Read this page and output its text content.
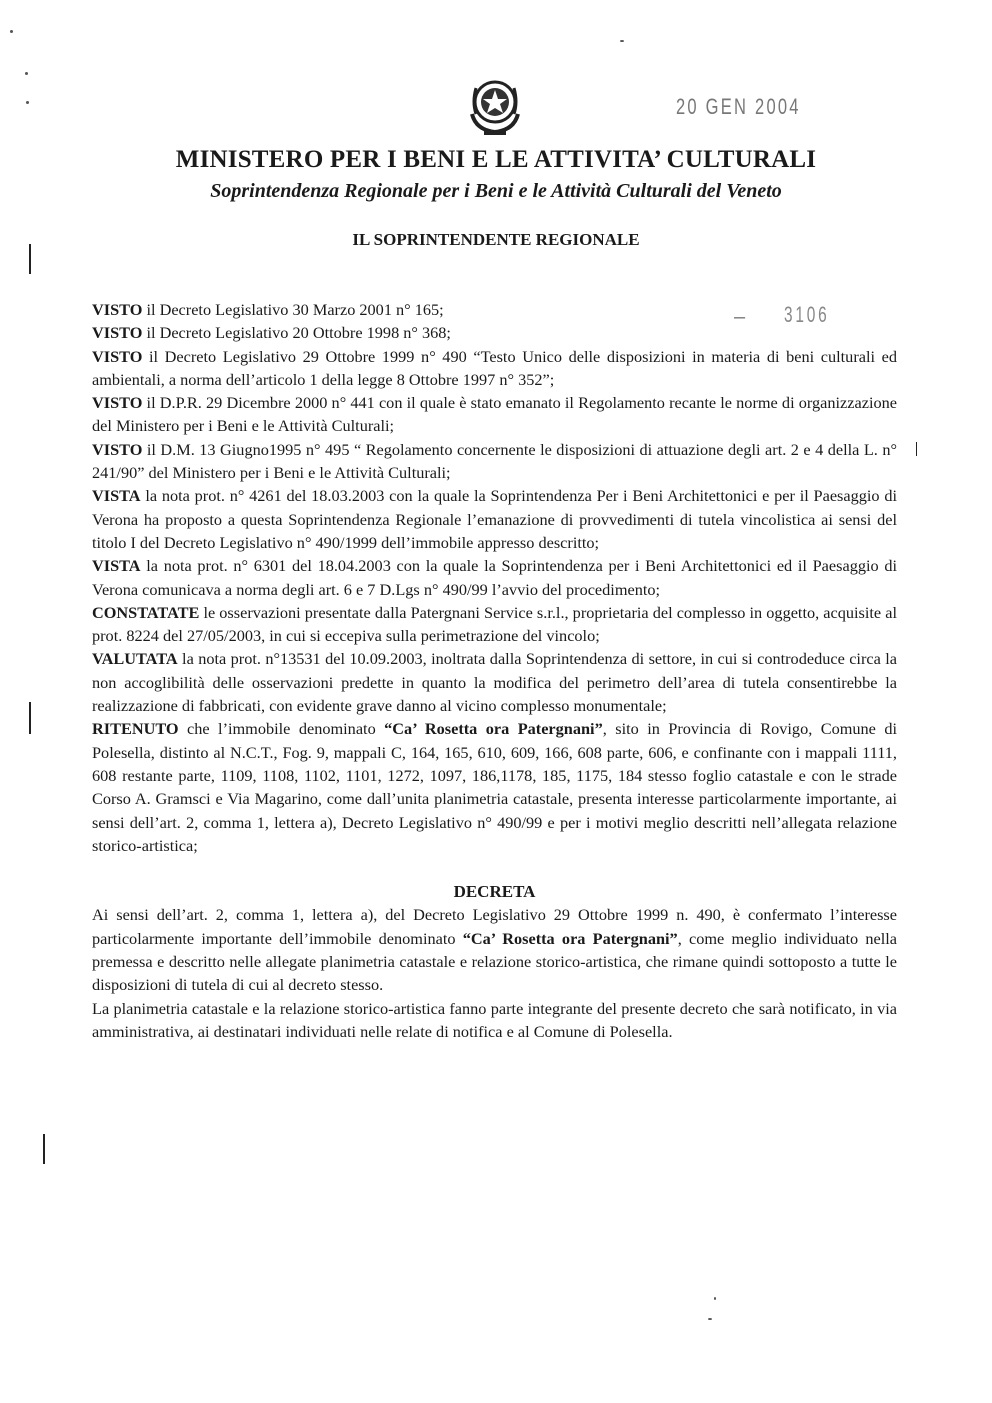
20 GEN 2004
– 3106
MINISTERO PER I BENI E LE ATTIVITA’ CULTURALI
Soprintendenza Regionale per i Beni e le Attività Culturali del Veneto
IL SOPRINTENDENTE REGIONALE

VISTO il Decreto Legislativo 30 Marzo 2001 n° 165;

VISTO il Decreto Legislativo 20 Ottobre 1998 n° 368;

VISTO il Decreto Legislativo 29 Ottobre 1999 n° 490 “Testo Unico delle disposizioni in materia di beni culturali ed ambientali, a norma dell’articolo 1 della legge 8 Ottobre 1997 n° 352”;

VISTO il D.P.R. 29 Dicembre 2000 n° 441 con il quale è stato emanato il Regolamento recante le norme di organizzazione del Ministero per i Beni e le Attività Culturali;

VISTO il D.M. 13 Giugno1995 n° 495 “ Regolamento concernente le disposizioni di attuazione degli art. 2 e 4 della L. n° 241/90” del Ministero per i Beni e le Attività Culturali;

VISTA la nota prot. n° 4261 del 18.03.2003 con la quale la Soprintendenza Per i Beni Architettonici e per il Paesaggio di Verona ha proposto a questa Soprintendenza Regionale l’emanazione di provvedimenti di tutela vincolistica ai sensi del titolo I del Decreto Legislativo n° 490/1999 dell’immobile appresso descritto;

VISTA la nota prot. n° 6301 del 18.04.2003 con la quale la Soprintendenza per i Beni Architettonici ed il Paesaggio di Verona comunicava a norma degli art. 6 e 7 D.Lgs n° 490/99 l’avvio del procedimento;

CONSTATATE le osservazioni presentate dalla Patergnani Service s.r.l., proprietaria del complesso in oggetto, acquisite al prot. 8224 del 27/05/2003, in cui si eccepiva sulla perimetrazione del vincolo;

VALUTATA la nota prot. n°13531 del 10.09.2003, inoltrata dalla Soprintendenza di settore, in cui si controdeduce circa la non accoglibilità delle osservazioni predette in quanto la modifica del perimetro dell’area di tutela consentirebbe la realizzazione di fabbricati, con evidente grave danno al vicino complesso monumentale;

RITENUTO che l’immobile denominato “Ca’ Rosetta ora Patergnani”, sito in Provincia di Rovigo, Comune di Polesella, distinto al N.C.T., Fog. 9, mappali C, 164, 165, 610, 609, 166, 608 parte, 606, e confinante con i mappali 1111, 608 restante parte, 1109, 1108, 1102, 1101, 1272, 1097, 186,1178, 185, 1175, 184 stesso foglio catastale e con le strade Corso A. Gramsci e Via Magarino, come dall’unita planimetria catastale, presenta interesse particolarmente importante, ai sensi dell’art. 2, comma 1, lettera a), Decreto Legislativo n° 490/99 e per i motivi meglio descritti nell’allegata relazione storico-artistica;

DECRETA

Ai sensi dell’art. 2, comma 1, lettera a), del Decreto Legislativo 29 Ottobre 1999 n. 490, è confermato l’interesse particolarmente importante dell’immobile denominato “Ca’ Rosetta ora Patergnani”, come meglio individuato nella premessa e descritto nelle allegate planimetria catastale e relazione storico-artistica, che rimane quindi sottoposto a tutte le disposizioni di tutela di cui al decreto stesso.

La planimetria catastale e la relazione storico-artistica fanno parte integrante del presente decreto che sarà notificato, in via amministrativa, ai destinatari individuati nelle relate di notifica e al Comune di Polesella.
